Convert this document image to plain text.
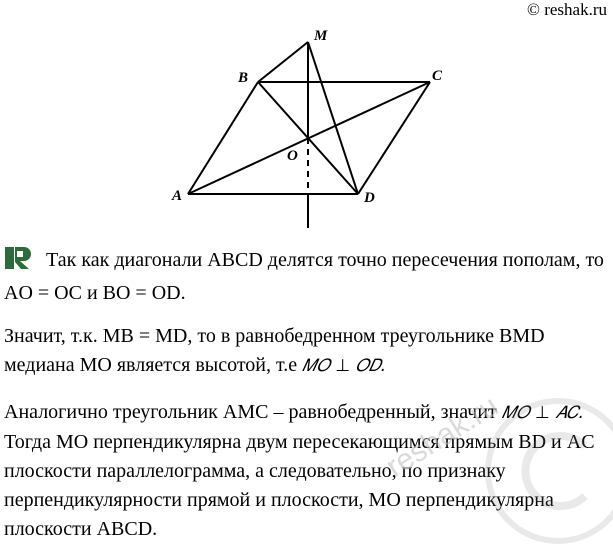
© reshak.ru
M
B	C
O
A	D

Так как диагонали ABCD делятся точно пересечения пополам, то AO = OC и BO = OD.

Значит, т.к. MB = MD, то в равнобедренном треугольнике BMD медиана MO является высотой, т.е 𝑀𝑂 ⊥ 𝑂𝐷.

Аналогично треугольник AMC – равнобедренный, значит 𝑀𝑂 ⊥ 𝐴𝐶. Тогда MO перпендикулярна двум пересекающимся прямым BD и AC плоскости параллелограмма, а следовательно, по признаку перпендикулярности прямой и плоскости, MO перпендикулярна плоскости ABCD.

reshak.ru
